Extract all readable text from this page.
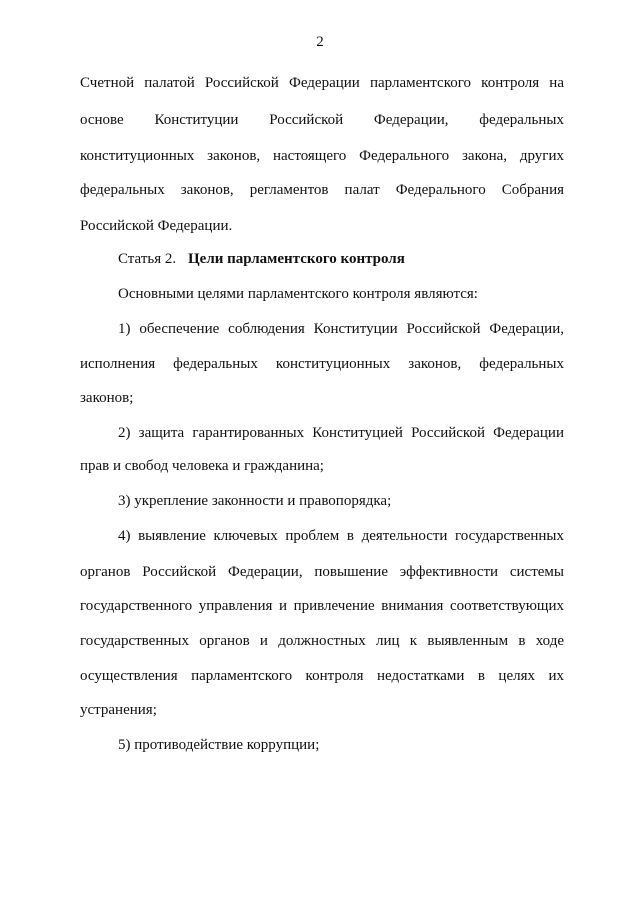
2
Счетной палатой Российской Федерации парламентского контроля на
основе Конституции Российской Федерации, федеральных
конституционных законов, настоящего Федерального закона, других
федеральных законов, регламентов палат Федерального Собрания
Российской Федерации.
Статья 2. Цели парламентского контроля
Основными целями парламентского контроля являются:
1) обеспечение соблюдения Конституции Российской Федерации,
исполнения федеральных конституционных законов, федеральных
законов;
2) защита гарантированных Конституцией Российской Федерации
прав и свобод человека и гражданина;
3) укрепление законности и правопорядка;
4) выявление ключевых проблем в деятельности государственных
органов Российской Федерации, повышение эффективности системы
государственного управления и привлечение внимания соответствующих
государственных органов и должностных лиц к выявленным в ходе
осуществления парламентского контроля недостатками в целях их
устранения;
5) противодействие коррупции;
